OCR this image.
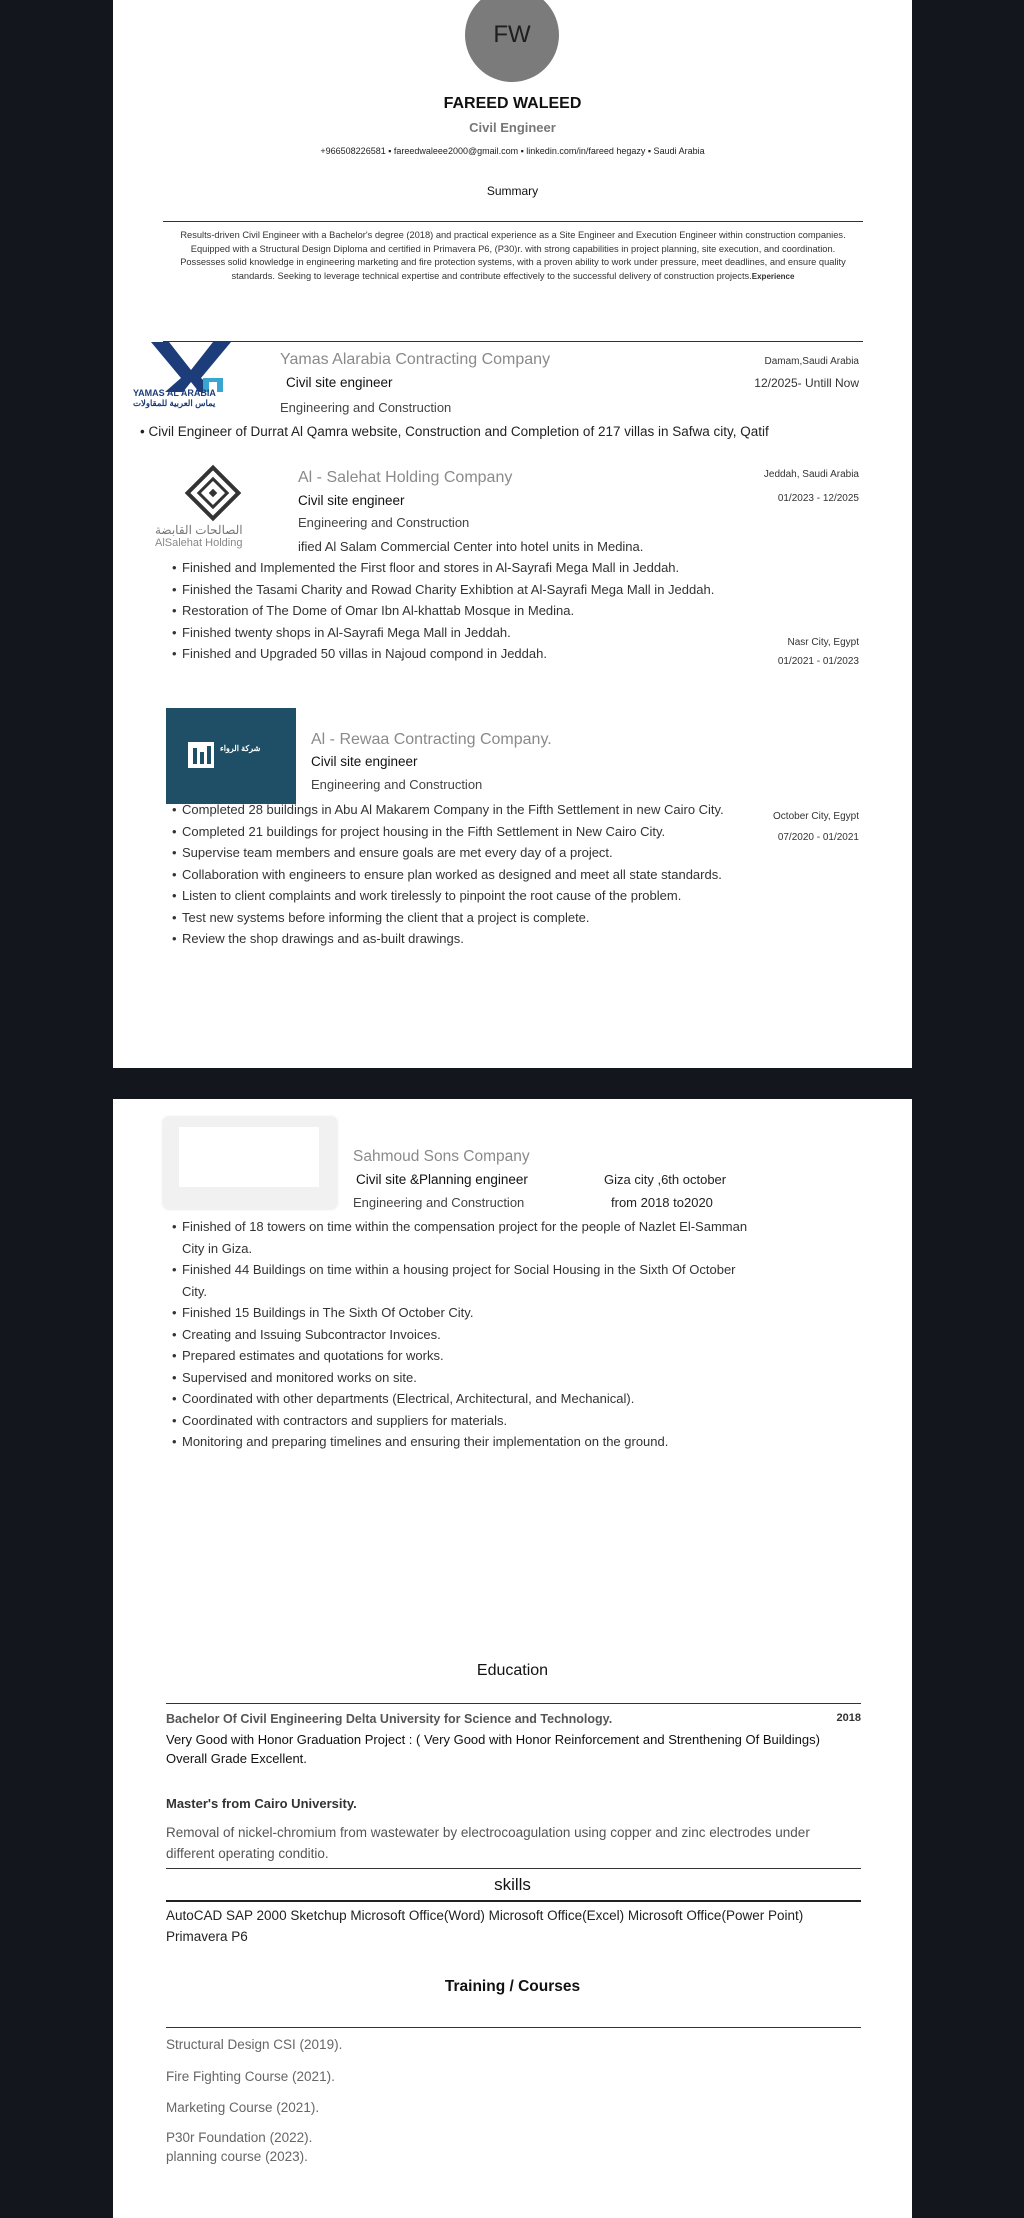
FW
FAREED WALEED
Civil Engineer
+966508226581 ▪ fareedwaleee2000@gmail.com ▪ linkedin.com/in/fareed hegazy ▪ Saudi Arabia
Summary
Results-driven Civil Engineer with a Bachelor's degree (2018) and practical experience as a Site Engineer and Execution Engineer within construction companies. Equipped with a Structural Design Diploma and certified in Primavera P6, (P30)r. with strong capabilities in project planning, site execution, and coordination.
Possesses solid knowledge in engineering marketing and fire protection systems, with a proven ability to work under pressure, meet deadlines, and ensure quality standards. Seeking to leverage technical expertise and contribute effectively to the successful delivery of construction projects.Experience
YAMAS AL ARABIA
يماس العربية للمقاولات
Yamas Alarabia Contracting Company
Civil site engineer
Engineering and Construction
Damam,Saudi Arabia
12/2025- Untill Now
• Civil Engineer of Durrat Al Qamra website, Construction and Completion of 217 villas in Safwa city, Qatif
الصالحات القابضة
AlSalehat Holding
Al - Salehat Holding Company
Civil site engineer
Engineering and Construction
ified Al Salam Commercial Center into hotel units in Medina.
Jeddah, Saudi Arabia
01/2023 - 12/2025
• Finished and Implemented the First floor and stores in Al-Sayrafi Mega Mall in Jeddah.
• Finished the Tasami Charity and Rowad Charity Exhibtion at Al-Sayrafi Mega Mall in Jeddah.
• Restoration of The Dome of Omar Ibn Al-khattab Mosque in Medina.
• Finished twenty shops in Al-Sayrafi Mega Mall in Jeddah.
• Finished and Upgraded 50 villas in Najoud compond in Jeddah.
Nasr City, Egypt
01/2021 - 01/2023
شركة الرواء
Al - Rewaa Contracting Company.
Civil site engineer
Engineering and Construction
October City, Egypt
07/2020 - 01/2021
• Completed 28 buildings in Abu Al Makarem Company in the Fifth Settlement in new Cairo City.
• Completed 21 buildings for project housing in the Fifth Settlement in New Cairo City.
• Supervise team members and ensure goals are met every day of a project.
• Collaboration with engineers to ensure plan worked as designed and meet all state standards.
• Listen to client complaints and work tirelessly to pinpoint the root cause of the problem.
• Test new systems before informing the client that a project is complete.
• Review the shop drawings and as-built drawings.
Sahmoud Sons Company
Civil site &Planning engineer
Engineering and Construction
Giza city ,6th october
from 2018 to2020
• Finished of 18 towers on time within the compensation project for the people of Nazlet El-Samman City in Giza.
• Finished 44 Buildings on time within a housing project for Social Housing in the Sixth Of October City.
• Finished 15 Buildings in The Sixth Of October City.
• Creating and Issuing Subcontractor Invoices.
• Prepared estimates and quotations for works.
• Supervised and monitored works on site.
• Coordinated with other departments (Electrical, Architectural, and Mechanical).
• Coordinated with contractors and suppliers for materials.
• Monitoring and preparing timelines and ensuring their implementation on the ground.
Education
Bachelor Of Civil Engineering Delta University for Science and Technology.	2018
Very Good with Honor Graduation Project : ( Very Good with Honor Reinforcement and Strenthening Of Buildings)
Overall Grade Excellent.
Master's from Cairo University.
Removal of nickel-chromium from wastewater by electrocoagulation using copper and zinc electrodes under different operating conditio.
skills
AutoCAD SAP 2000 Sketchup Microsoft Office(Word) Microsoft Office(Excel) Microsoft Office(Power Point) Primavera P6
Training / Courses
Structural Design CSI (2019).
Fire Fighting Course (2021).
Marketing Course (2021).
P30r Foundation (2022).
planning course (2023).
